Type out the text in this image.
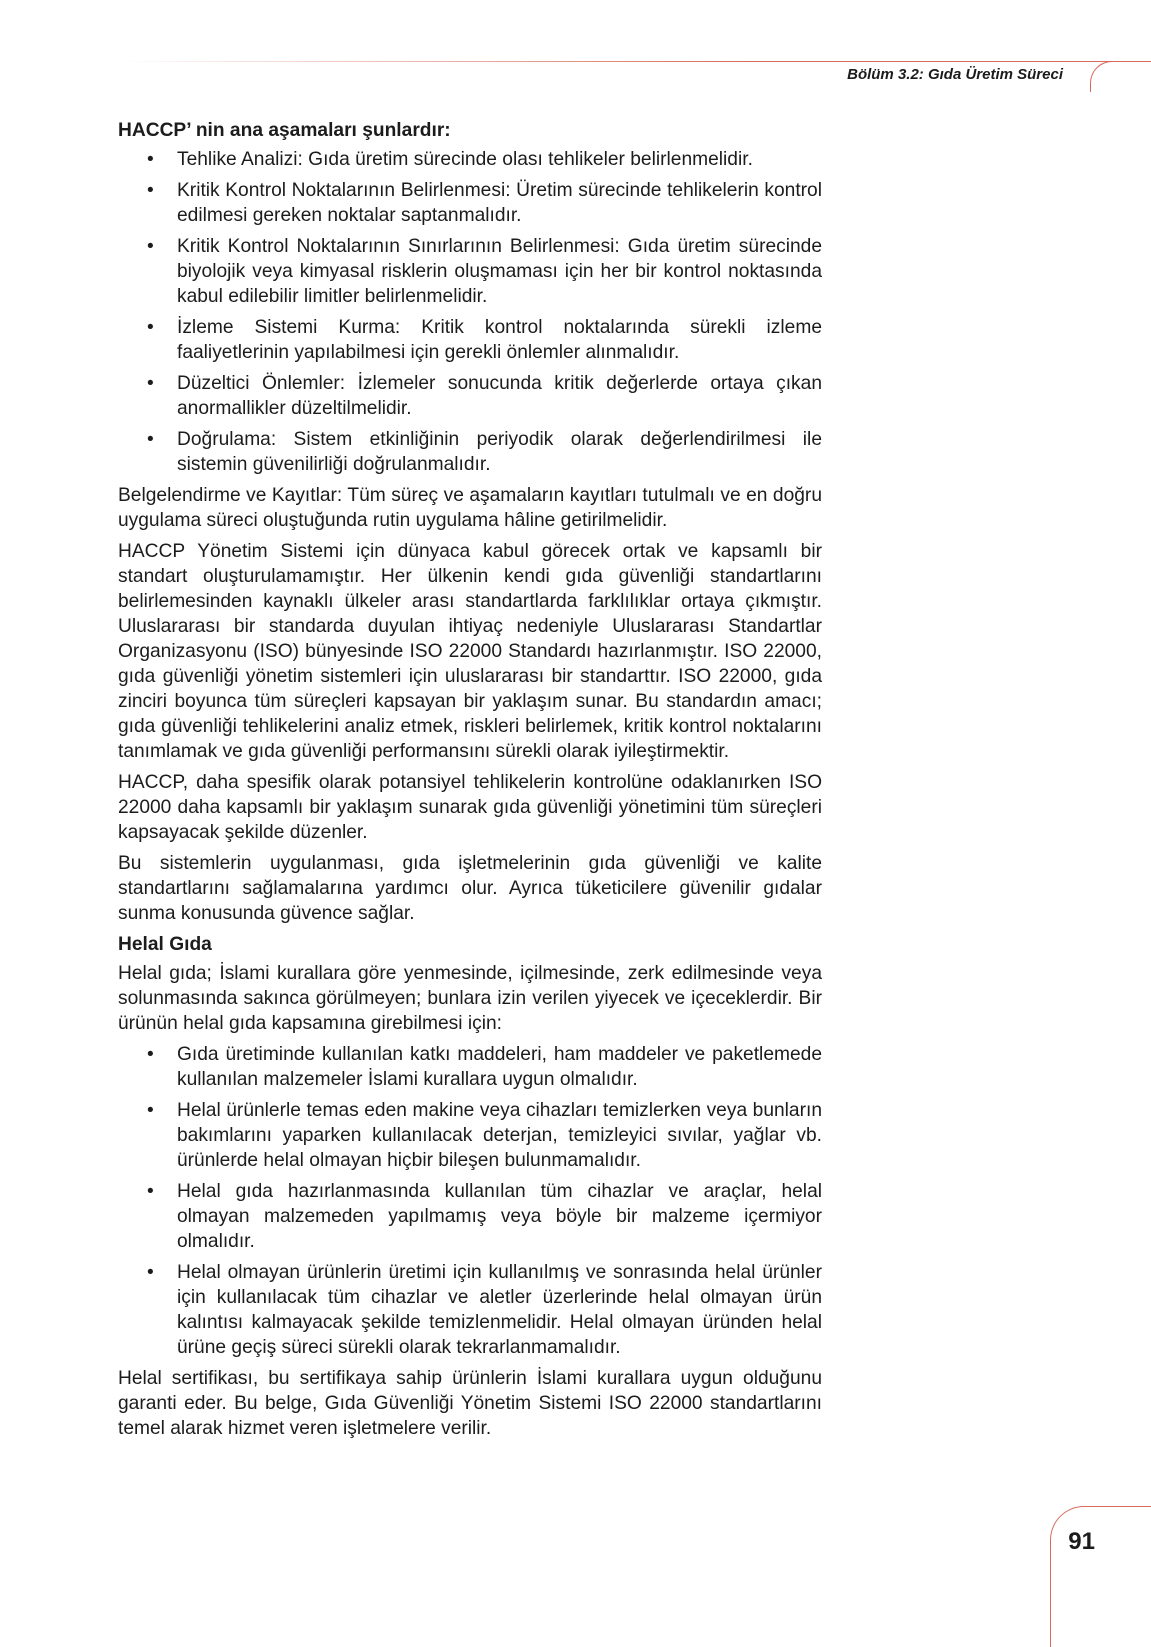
Bölüm 3.2: Gıda Üretim Süreci
HACCP’ nin ana aşamaları şunlardır:
• Tehlike Analizi: Gıda üretim sürecinde olası tehlikeler belirlenmelidir.
• Kritik Kontrol Noktalarının Belirlenmesi: Üretim sürecinde tehlikelerin kontrol edilmesi gereken noktalar saptanmalıdır.
• Kritik Kontrol Noktalarının Sınırlarının Belirlenmesi: Gıda üretim sürecinde biyolojik veya kimyasal risklerin oluşmaması için her bir kontrol noktasında kabul edilebilir limitler belirlenmelidir.
• İzleme Sistemi Kurma: Kritik kontrol noktalarında sürekli izleme faaliyetlerinin yapılabilmesi için gerekli önlemler alınmalıdır.
• Düzeltici Önlemler: İzlemeler sonucunda kritik değerlerde ortaya çıkan anormallikler düzeltilmelidir.
• Doğrulama: Sistem etkinliğinin periyodik olarak değerlendirilmesi ile sistemin güvenilirliği doğrulanmalıdır.

Belgelendirme ve Kayıtlar: Tüm süreç ve aşamaların kayıtları tutulmalı ve en doğru uygulama süreci oluştuğunda rutin uygulama hâline getirilmelidir.

HACCP Yönetim Sistemi için dünyaca kabul görecek ortak ve kapsamlı bir standart oluşturulamamıştır. Her ülkenin kendi gıda güvenliği standartlarını belirlemesinden kaynaklı ülkeler arası standartlarda farklılıklar ortaya çıkmıştır. Uluslararası bir standarda duyulan ihtiyaç nedeniyle Uluslararası Standartlar Organizasyonu (ISO) bünyesinde ISO 22000 Standardı hazırlanmıştır. ISO 22000, gıda güvenliği yönetim sistemleri için uluslararası bir standarttır. ISO 22000, gıda zinciri boyunca tüm süreçleri kapsayan bir yaklaşım sunar. Bu standardın amacı; gıda güvenliği tehlikelerini analiz etmek, riskleri belirlemek, kritik kontrol noktalarını tanımlamak ve gıda güvenliği performansını sürekli olarak iyileştirmektir.

HACCP, daha spesifik olarak potansiyel tehlikelerin kontrolüne odaklanırken ISO 22000 daha kapsamlı bir yaklaşım sunarak gıda güvenliği yönetimini tüm süreçleri kapsayacak şekilde düzenler.

Bu sistemlerin uygulanması, gıda işletmelerinin gıda güvenliği ve kalite standartlarını sağlamalarına yardımcı olur. Ayrıca tüketicilere güvenilir gıdalar sunma konusunda güvence sağlar.

Helal Gıda

Helal gıda; İslami kurallara göre yenmesinde, içilmesinde, zerk edilmesinde veya solunmasında sakınca görülmeyen; bunlara izin verilen yiyecek ve içeceklerdir. Bir ürünün helal gıda kapsamına girebilmesi için:

• Gıda üretiminde kullanılan katkı maddeleri, ham maddeler ve paketlemede kullanılan malzemeler İslami kurallara uygun olmalıdır.
• Helal ürünlerle temas eden makine veya cihazları temizlerken veya bunların bakımlarını yaparken kullanılacak deterjan, temizleyici sıvılar, yağlar vb. ürünlerde helal olmayan hiçbir bileşen bulunmamalıdır.
• Helal gıda hazırlanmasında kullanılan tüm cihazlar ve araçlar, helal olmayan malzemeden yapılmamış veya böyle bir malzeme içermiyor olmalıdır.
• Helal olmayan ürünlerin üretimi için kullanılmış ve sonrasında helal ürünler için kullanılacak tüm cihazlar ve aletler üzerlerinde helal olmayan ürün kalıntısı kalmayacak şekilde temizlenmelidir. Helal olmayan üründen helal ürüne geçiş süreci sürekli olarak tekrarlanmamalıdır.

Helal sertifikası, bu sertifikaya sahip ürünlerin İslami kurallara uygun olduğunu garanti eder. Bu belge, Gıda Güvenliği Yönetim Sistemi ISO 22000 standartlarını temel alarak hizmet veren işletmelere verilir.

91
